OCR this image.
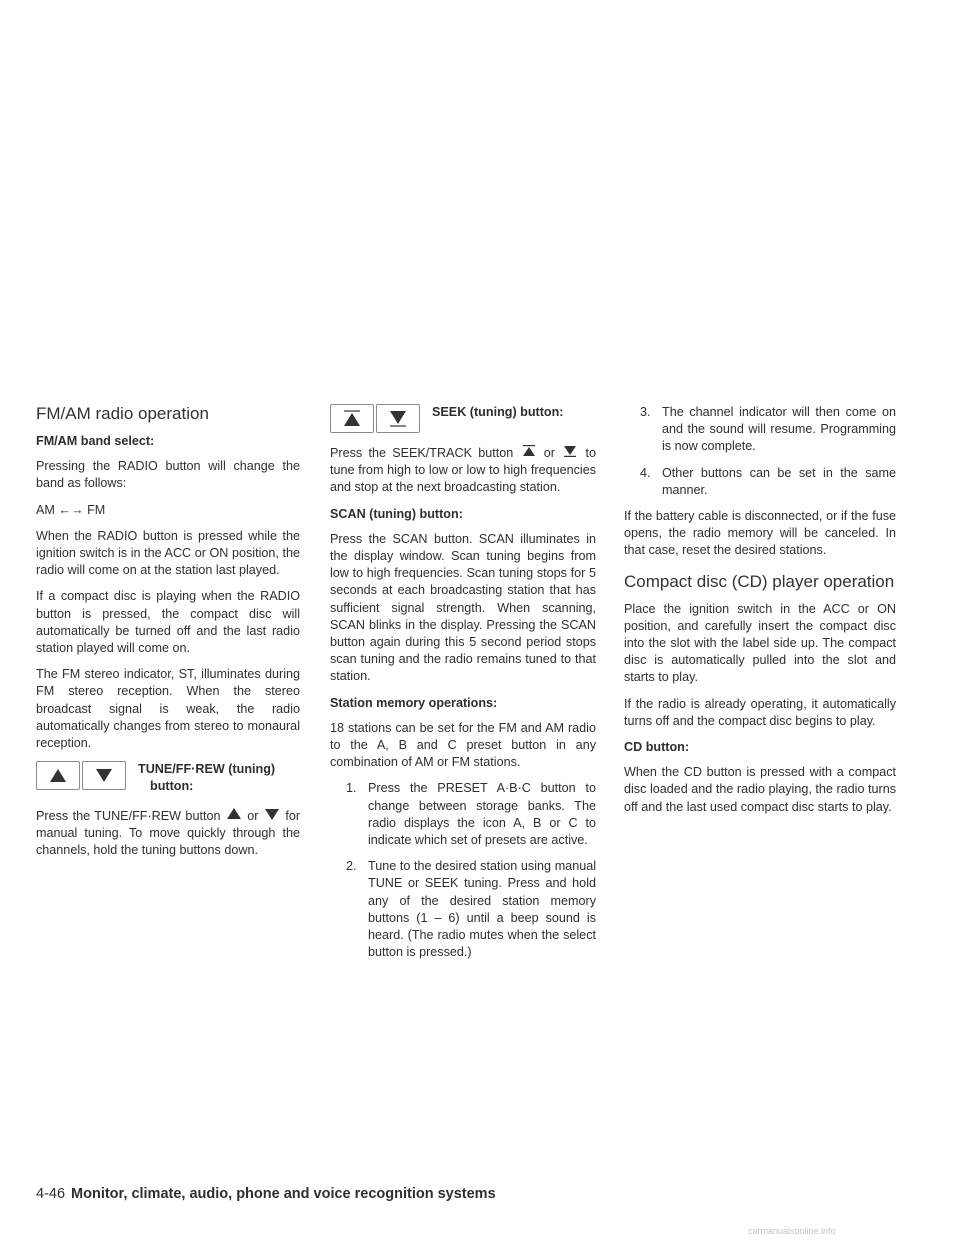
FM/AM radio operation
FM/AM band select:

Pressing the RADIO button will change the band as follows:

AM ←→ FM

When the RADIO button is pressed while the ignition switch is in the ACC or ON position, the radio will come on at the station last played.

If a compact disc is playing when the RADIO button is pressed, the compact disc will automatically be turned off and the last radio station played will come on.

The FM stereo indicator, ST, illuminates during FM stereo reception. When the stereo broadcast signal is weak, the radio automatically changes from stereo to monaural reception.

TUNE/FF·REW (tuning)
button:

Press the TUNE/FF·REW button or for manual tuning. To move quickly through the channels, hold the tuning buttons down.

SEEK (tuning) button:

Press the SEEK/TRACK button or to tune from high to low or low to high frequencies and stop at the next broadcasting station.

SCAN (tuning) button:

Press the SCAN button. SCAN illuminates in the display window. Scan tuning begins from low to high frequencies. Scan tuning stops for 5 seconds at each broadcasting station that has sufficient signal strength. When scanning, SCAN blinks in the display. Pressing the SCAN button again during this 5 second period stops scan tuning and the radio remains tuned to that station.

Station memory operations:

18 stations can be set for the FM and AM radio to the A, B and C preset button in any combination of AM or FM stations.

1. Press the PRESET A·B·C button to change between storage banks. The radio displays the icon A, B or C to indicate which set of presets are active.
2. Tune to the desired station using manual TUNE or SEEK tuning. Press and hold any of the desired station memory buttons (1 – 6) until a beep sound is heard. (The radio mutes when the select button is pressed.)
3. The channel indicator will then come on and the sound will resume. Programming is now complete.
4. Other buttons can be set in the same manner.

If the battery cable is disconnected, or if the fuse opens, the radio memory will be canceled. In that case, reset the desired stations.

Compact disc (CD) player operation

Place the ignition switch in the ACC or ON position, and carefully insert the compact disc into the slot with the label side up. The compact disc is automatically pulled into the slot and starts to play.

If the radio is already operating, it automatically turns off and the compact disc begins to play.

CD button:

When the CD button is pressed with a compact disc loaded and the radio playing, the radio turns off and the last used compact disc starts to play.

4-46 Monitor, climate, audio, phone and voice recognition systems
carmanualsonline.info
